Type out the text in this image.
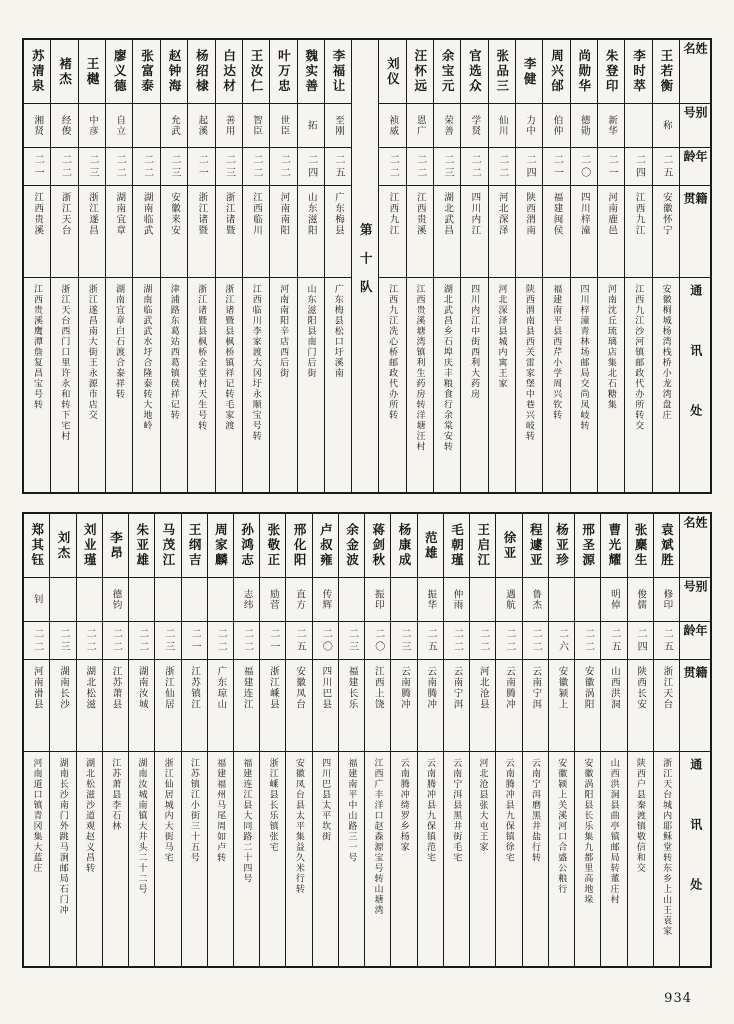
姓名
别号
年龄
籍贯
通讯处
王若衡
称
二五
安徽怀宁
安徽桐城杨湾栈桥小龙湾盘庄
李时萃
二四
江西九江
江西九江沙河镇邮政代办所转交
朱登印
新华
二一
河南鹿邑
河南沈丘琉璃店集北石糖集
尚勋华
德勋
二〇
四川梓潼
四川梓潼青林场邮局交尚凤岐转
周兴邰
伯仲
二一
福建闽侯
福建南平县西芹小学周兴钦转
李健
力中
二四
陕西渭南
陕西渭南县西关雷家堡中巷兴岐转
张品三
仙川
二二
河北深泽
河北深泽县城内寓王家
官选众
学贤
二二
四川内江
四川内江中街西利大药房
余宝元
荣善
二三
湖北武昌
湖北武昌乡石埠庆丰粮食行余棠安转
汪怀远
恩广
二二
江西贵溪
江西贵溪塘湾镇利生药房转洋塘汪村
刘仪
祯威
二二
江西九江
江西九江冼心桥邮政代办所转
第十队
李福让
至刚
二五
广东梅县
广东梅县松口圩溪南
魏实善
拓
二四
山东滋阳
山东滋阳县南门后街
叶万忠
世臣
二二
河南南阳
河南南阳辛店西后街
王汝仁
智臣
二二
江西临川
江西临川李家渡大冈圩永顺宝号转
白达材
善用
二三
浙江诸暨
浙江诸暨县枫桥镇祥记转毛家渡
杨绍棣
起溪
二一
浙江诸暨
浙江诸暨县枫桥全堂村天生号转
赵钟海
允武
二三
安徽来安
津浦路东葛站西葛镇侯祥记转
张富泰
二二
湖南临武
湖南临武武水圩合隆泰转大地岭
廖义德
自立
二二
湖南宜章
湖南宜章白石渡合泰祥转
王樾
中彦
二三
浙江遂昌
浙江遂昌南大街王永源市店交
褚杰
经俊
二二
浙江天台
浙江天台西门口里许永和转下宅村
苏清泉
湘贤
二一
江西贵溪
江西贵溪鹰潭詹复昌宝号转
姓名
别号
年龄
籍贯
通讯处
袁斌胜
修印
二五
浙江天台
浙江天台城内耶稣堂转东乡上山王袁家
张麇生
俊儒
二四
陕西长安
陕西户县秦渡镇敬信和交
曹光耀
明倬
二五
山西洪洞
山西洪洞县曲亭镇邮局转董庄村
邢圣源
二二
安徽涡阳
安徽涡阳县长乐集九都里高地垛
杨亚珍
二六
安徽颍上
安徽颍上关溪河口合盛公粮行
程遽亚
鲁杰
二二
云南宁洱
云南宁洱磨黑井盐行转
徐亚
遇航
二二
云南腾冲
云南腾冲县九保镇徐宅
王启江
二二
河北沧县
河北沧县张大屯王家
毛朝瑾
仲雨
二二
云南宁洱
云南宁洱县黑井街毛宅
范雄
振华
二五
云南腾冲
云南腾冲县九保镇范宅
杨康成
二三
云南腾冲
云南腾冲绮罗乡杨家
蒋剑秋
振印
二〇
江西上饶
江西广丰洋口赵森源宝号转山塘湾
余金波
二三
福建长乐
福建南平中山路三一号
卢叔雍
传辉
二〇
四川巴县
四川巴县太平坎街
邢化阳
直方
二五
安徽凤台
安徽凤台县太平集益久米行转
张敬正
励营
二一
浙江嵊县
浙江嵊县长乐镇张宅
孙鸿志
志纬
二二
福建连江
福建连江县大同路二十四号
周家麟
二二
广东琼山
福建福州马尾周如卢转
王纲吉
二一
江苏镇江
江苏镇江小街三十五号
马茂江
二三
浙江仙居
浙江仙居城内大街马宅
朱亚雄
二二
湖南汝城
湖南汝城南镇大井头二十二号
李昂
德钧
二二
江苏萧县
江苏萧县李石林
刘业瑾
二二
湖北松滋
湖北松滋沙道观赵义昌转
刘杰
二三
湖南长沙
湖南长沙南门外跳马涧邮局石门冲
郑其钰
钊
二二
河南滑县
河南道口镇青冈集大蓝庄
934
